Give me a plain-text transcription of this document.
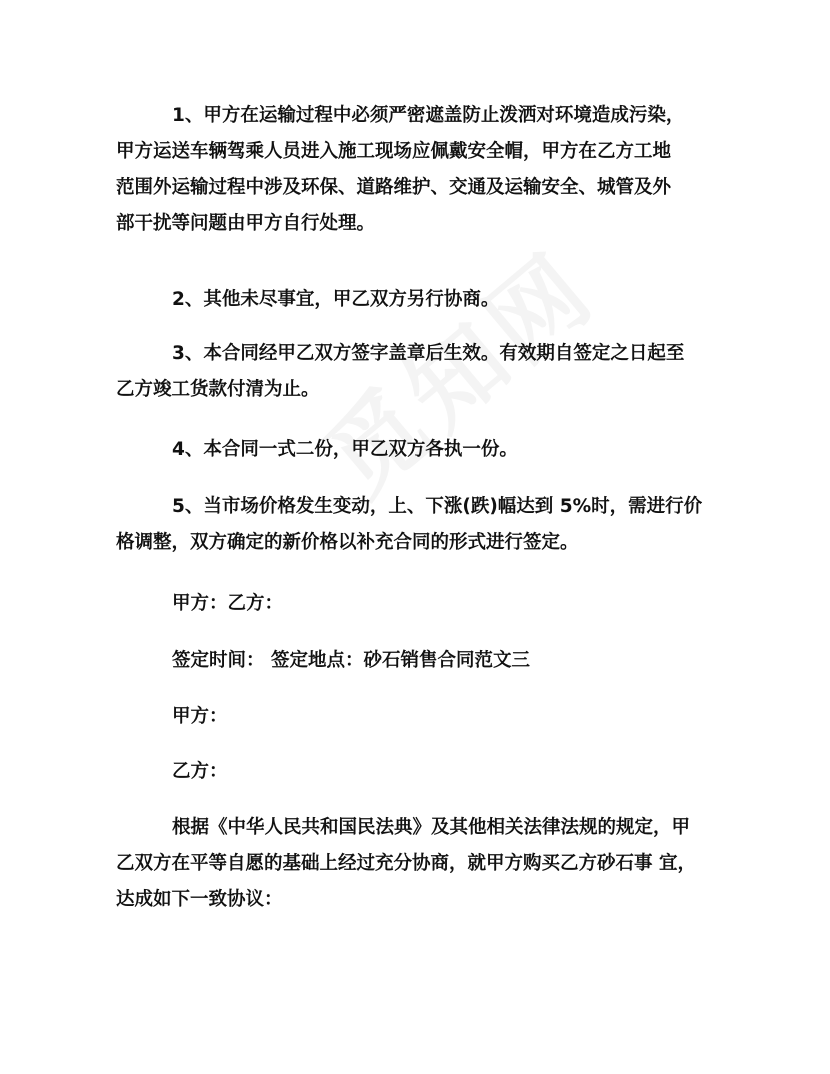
1、甲方在运输过程中必须严密遮盖防止泼洒对环境造成污染，
甲方运送车辆驾乘人员进入施工现场应佩戴安全帽，甲方在乙方工地
范围外运输过程中涉及环保、道路维护、交通及运输安全、城管及外
部干扰等问题由甲方自行处理。
2、其他未尽事宜，甲乙双方另行协商。
3、本合同经甲乙双方签字盖章后生效。有效期自签定之日起至
乙方竣工货款付清为止。
4、本合同一式二份，甲乙双方各执一份。
5、当市场价格发生变动，上、下涨(跌)幅达到 5%时，需进行价
格调整，双方确定的新价格以补充合同的形式进行签定。
甲方：乙方：
签定时间： 签定地点：砂石销售合同范文三
甲方：
乙方：
根据《中华人民共和国民法典》及其他相关法律法规的规定，甲
乙双方在平等自愿的基础上经过充分协商，就甲方购买乙方砂石事 宜，
达成如下一致协议：
